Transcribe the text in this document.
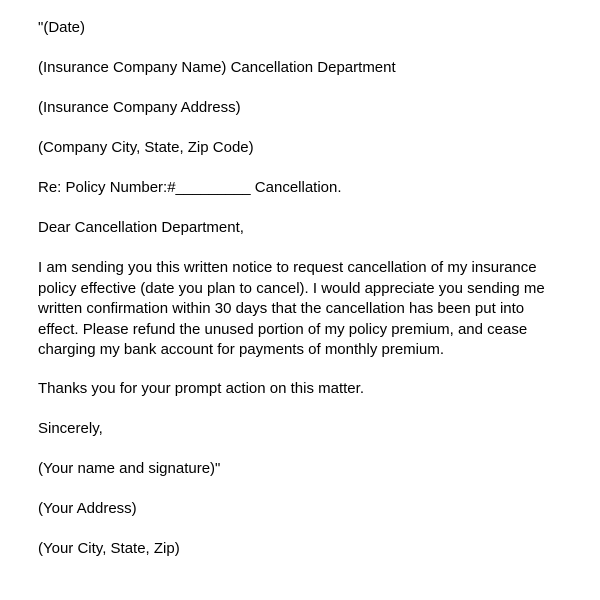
"(Date)
(Insurance Company Name) Cancellation Department
(Insurance Company Address)
(Company City, State, Zip Code)
Re: Policy Number:#_________ Cancellation.
Dear Cancellation Department,
I am sending you this written notice to request cancellation of my insurance
policy effective (date you plan to cancel). I would appreciate you sending me
written confirmation within 30 days that the cancellation has been put into
effect. Please refund the unused portion of my policy premium, and cease
charging my bank account for payments of monthly premium.
Thanks you for your prompt action on this matter.
Sincerely,
(Your name and signature)"
(Your Address)
(Your City, State, Zip)
